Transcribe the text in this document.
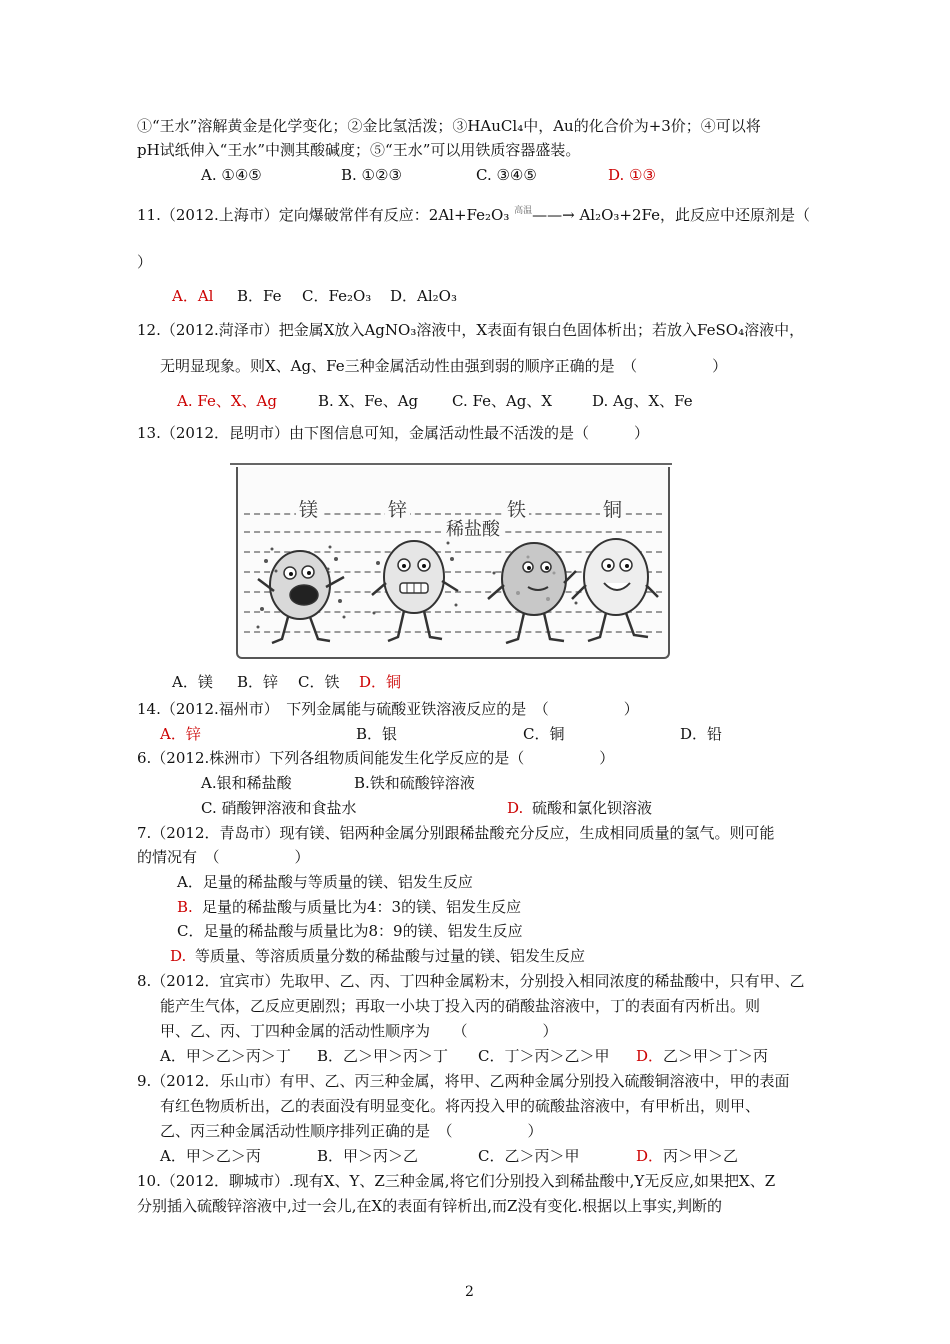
①“王水”溶解黄金是化学变化；②金比氢活泼；③HAuCl₄中，Au的化合价为+3价；④可以将
pH试纸伸入“王水”中测其酸碱度；⑤“王水”可以用铁质容器盛装。
A. ①④⑤	B. ①②③	C. ③④⑤	D. ①③
11.（2012.上海市）定向爆破常伴有反应：2Al+Fe₂O₃ $^{高温}$——→ Al₂O₃+2Fe，此反应中还原剂是（
）
A．Al B．Fe C．Fe₂O₃ D．Al₂O₃
12.（2012.菏泽市）把金属X放入AgNO₃溶液中，X表面有银白色固体析出；若放入FeSO₄溶液中，
无明显现象。则X、Ag、Fe三种金属活动性由强到弱的顺序正确的是　（　　　　　）
A. Fe、X、Ag	B. X、Fe、Ag C. Fe、Ag、X	D. Ag、X、Fe
13.（2012．昆明市）由下图信息可知，金属活动性最不活泼的是（　　　）
镁	锌	铁	铜
稀盐酸
A．镁 B．锌 C．铁 D．铜
14.（2012.福州市）　下列金属能与硫酸亚铁溶液反应的是　（　　　　　）
A．锌	B．银	C．铜	D．铅
6.（2012.株洲市）下列各组物质间能发生化学反应的是（　　　　　）
A.银和稀盐酸	B.铁和硫酸锌溶液
C. 硝酸钾溶液和食盐水	D. 硫酸和氯化钡溶液
7.（2012．青岛市）现有镁、铝两种金属分别跟稀盐酸充分反应，生成相同质量的氢气。则可能
的情况有　（　　　　　）
A．足量的稀盐酸与等质量的镁、铝发生反应
B. 足量的稀盐酸与质量比为4：3的镁、铝发生反应
C．足量的稀盐酸与质量比为8：9的镁、铝发生反应
D. 等质量、等溶质质量分数的稀盐酸与过量的镁、铝发生反应
8.（2012．宜宾市）先取甲、乙、丙、丁四种金属粉末，分别投入相同浓度的稀盐酸中，只有甲、乙
能产生气体，乙反应更剧烈；再取一小块丁投入丙的硝酸盐溶液中，丁的表面有丙析出。则
甲、乙、丙、丁四种金属的活动性顺序为　　（　　　　　）
A．甲＞乙＞丙＞丁 B．乙＞甲＞丙＞丁 C．丁＞丙＞乙＞甲 D．乙＞甲＞丁＞丙
9.（2012．乐山市）有甲、乙、丙三种金属，将甲、乙两种金属分别投入硫酸铜溶液中，甲的表面
有红色物质析出，乙的表面没有明显变化。将丙投入甲的硫酸盐溶液中，有甲析出，则甲、
乙、丙三种金属活动性顺序排列正确的是　（　　　　　）
A．甲＞乙＞丙	B．甲＞丙＞乙	C．乙＞丙＞甲	D．丙＞甲＞乙
10.（2012．聊城市）.现有X、Y、Z三种金属,将它们分别投入到稀盐酸中,Y无反应,如果把X、Z
分别插入硫酸锌溶液中,过一会儿,在X的表面有锌析出,而Z没有变化.根据以上事实,判断的
2
